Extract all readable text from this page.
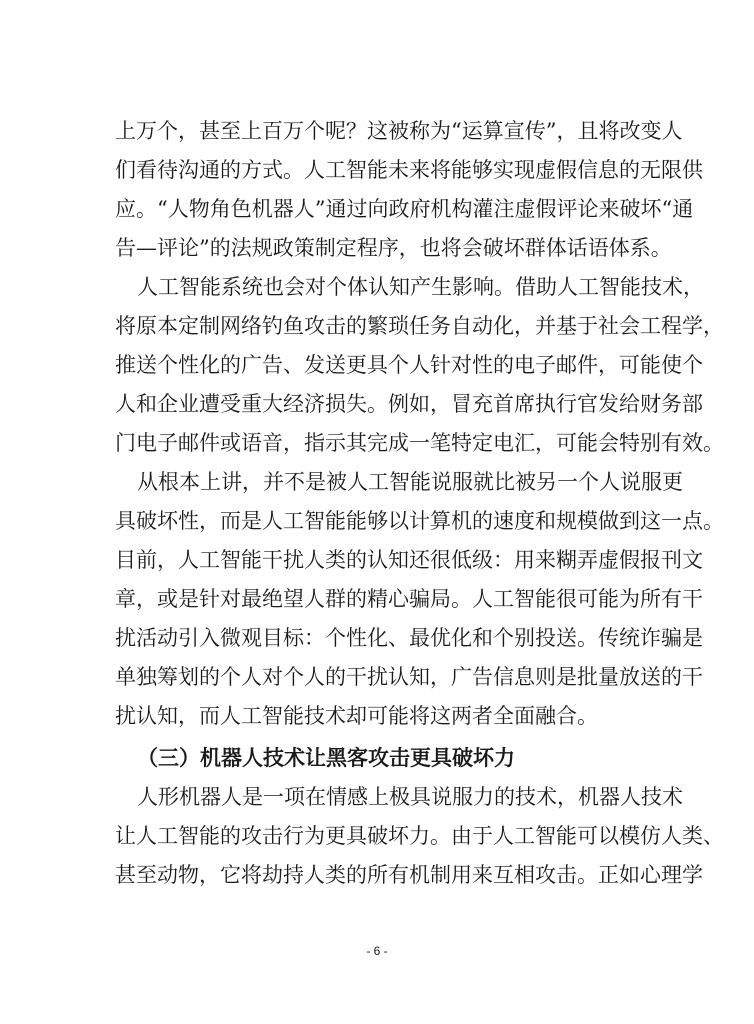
上万个，甚至上百万个呢？这被称为“运算宣传”，且将改变人
们看待沟通的方式。人工智能未来将能够实现虚假信息的无限供
应。“人物角色机器人”通过向政府机构灌注虚假评论来破坏“通
告—评论”的法规政策制定程序，也将会破坏群体话语体系。
人工智能系统也会对个体认知产生影响。借助人工智能技术，
将原本定制网络钓鱼攻击的繁琐任务自动化，并基于社会工程学，
推送个性化的广告、发送更具个人针对性的电子邮件，可能使个
人和企业遭受重大经济损失。例如，冒充首席执行官发给财务部
门电子邮件或语音，指示其完成一笔特定电汇，可能会特别有效。
从根本上讲，并不是被人工智能说服就比被另一个人说服更
具破坏性，而是人工智能能够以计算机的速度和规模做到这一点。
目前，人工智能干扰人类的认知还很低级：用来糊弄虚假报刊文
章，或是针对最绝望人群的精心骗局。人工智能很可能为所有干
扰活动引入微观目标：个性化、最优化和个别投送。传统诈骗是
单独筹划的个人对个人的干扰认知，广告信息则是批量放送的干
扰认知，而人工智能技术却可能将这两者全面融合。
（三）机器人技术让黑客攻击更具破坏力
人形机器人是一项在情感上极具说服力的技术，机器人技术
让人工智能的攻击行为更具破坏力。由于人工智能可以模仿人类、
甚至动物，它将劫持人类的所有机制用来互相攻击。正如心理学
- 6 -
